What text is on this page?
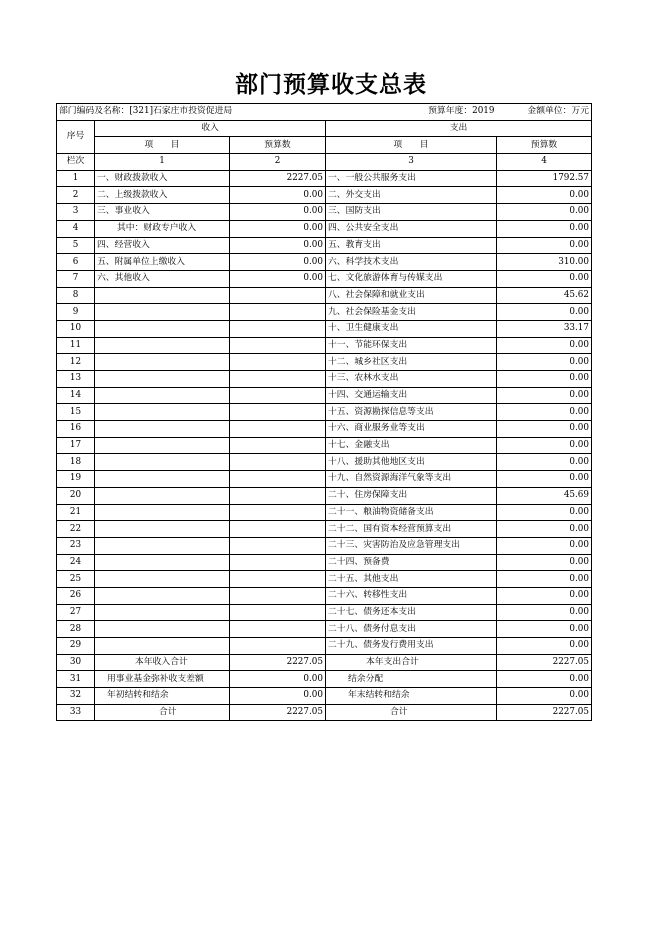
部门预算收支总表
部门编码及名称：[321]石家庄市投资促进局			预算年度：2019	金额单位：万元
序号	收入		支出	
	项　　目	预算数	项　　目	预算数
栏次	1	2	3	4
1	一、财政拨款收入	2227.05	一、一般公共服务支出	1792.57
2	二、上级拨款收入	0.00	二、外交支出	0.00
3	三、事业收入	0.00	三、国防支出	0.00
4	其中：财政专户收入	0.00	四、公共安全支出	0.00
5	四、经营收入	0.00	五、教育支出	0.00
6	五、附属单位上缴收入	0.00	六、科学技术支出	310.00
7	六、其他收入	0.00	七、文化旅游体育与传媒支出	0.00
8			八、社会保障和就业支出	45.62
9			九、社会保险基金支出	0.00
10			十、卫生健康支出	33.17
11			十一、节能环保支出	0.00
12			十二、城乡社区支出	0.00
13			十三、农林水支出	0.00
14			十四、交通运输支出	0.00
15			十五、资源勘探信息等支出	0.00
16			十六、商业服务业等支出	0.00
17			十七、金融支出	0.00
18			十八、援助其他地区支出	0.00
19			十九、自然资源海洋气象等支出	0.00
20			二十、住房保障支出	45.69
21			二十一、粮油物资储备支出	0.00
22			二十二、国有资本经营预算支出	0.00
23			二十三、灾害防治及应急管理支出	0.00
24			二十四、预备费	0.00
25			二十五、其他支出	0.00
26			二十六、转移性支出	0.00
27			二十七、债务还本支出	0.00
28			二十八、债务付息支出	0.00
29			二十九、债务发行费用支出	0.00
30	本年收入合计	2227.05	本年支出合计	2227.05
31	用事业基金弥补收支差额	0.00	结余分配	0.00
32	年初结转和结余	0.00	年末结转和结余	0.00
33	合计	2227.05	合计	2227.05
